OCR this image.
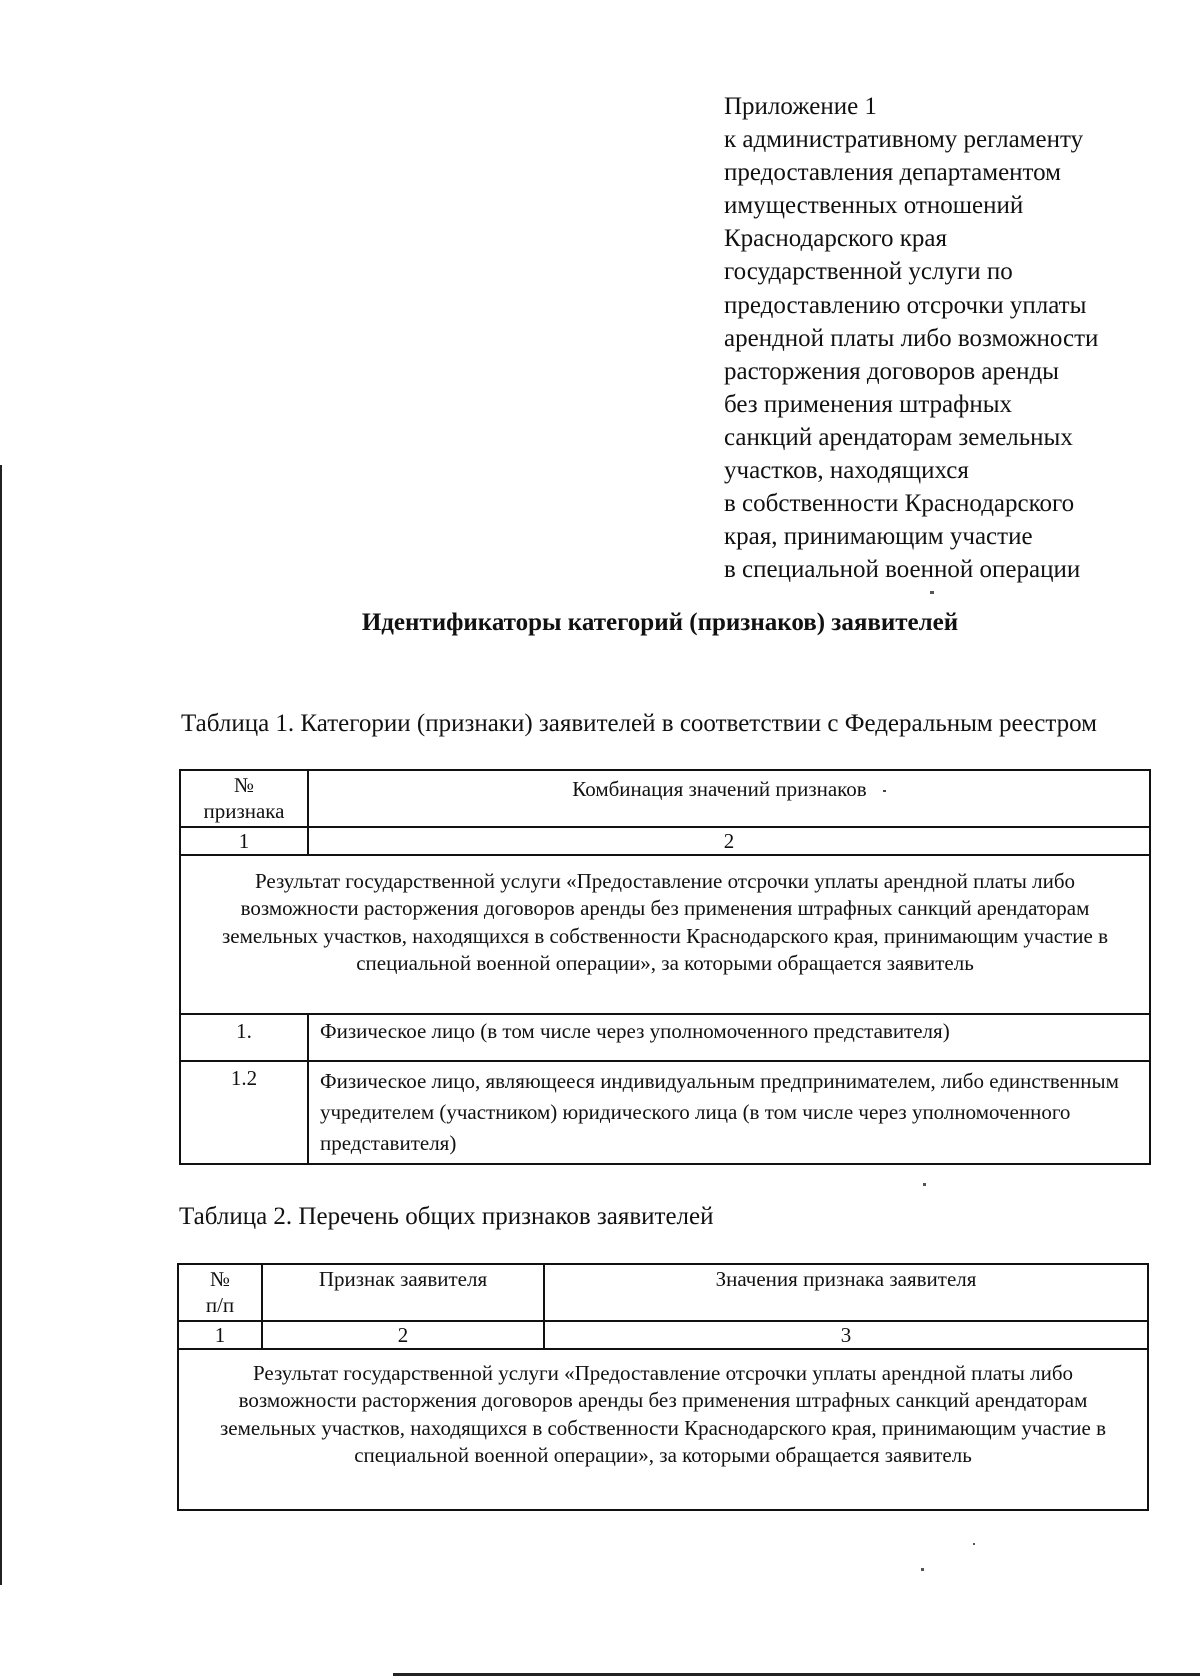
Приложение 1
к административному регламенту
предоставления департаментом
имущественных отношений
Краснодарского края
государственной услуги по
предоставлению отсрочки уплаты
арендной платы либо возможности
расторжения договоров аренды
без применения штрафных
санкций арендаторам земельных
участков, находящихся
в собственности Краснодарского
края, принимающим участие
в специальной военной операции
Идентификаторы категорий (признаков) заявителей
Таблица 1. Категории (признаки) заявителей в соответствии с Федеральным реестром
№ признака	Комбинация значений признаков
1	2
Результат государственной услуги «Предоставление отсрочки уплаты арендной платы либо возможности расторжения договоров аренды без применения штрафных санкций арендаторам земельных участков, находящихся в собственности Краснодарского края, принимающим участие в специальной военной операции», за которыми обращается заявитель	
1.	Физическое лицо (в том числе через уполномоченного представителя)
1.2	Физическое лицо, являющееся индивидуальным предпринимателем, либо единственным учредителем (участником) юридического лица (в том числе через уполномоченного представителя)
Таблица 2. Перечень общих признаков заявителей
№ п/п	Признак заявителя	Значения признака заявителя
1	2	3
Результат государственной услуги «Предоставление отсрочки уплаты арендной платы либо возможности расторжения договоров аренды без применения штрафных санкций арендаторам земельных участков, находящихся в собственности Краснодарского края, принимающим участие в специальной военной операции», за которыми обращается заявитель		
